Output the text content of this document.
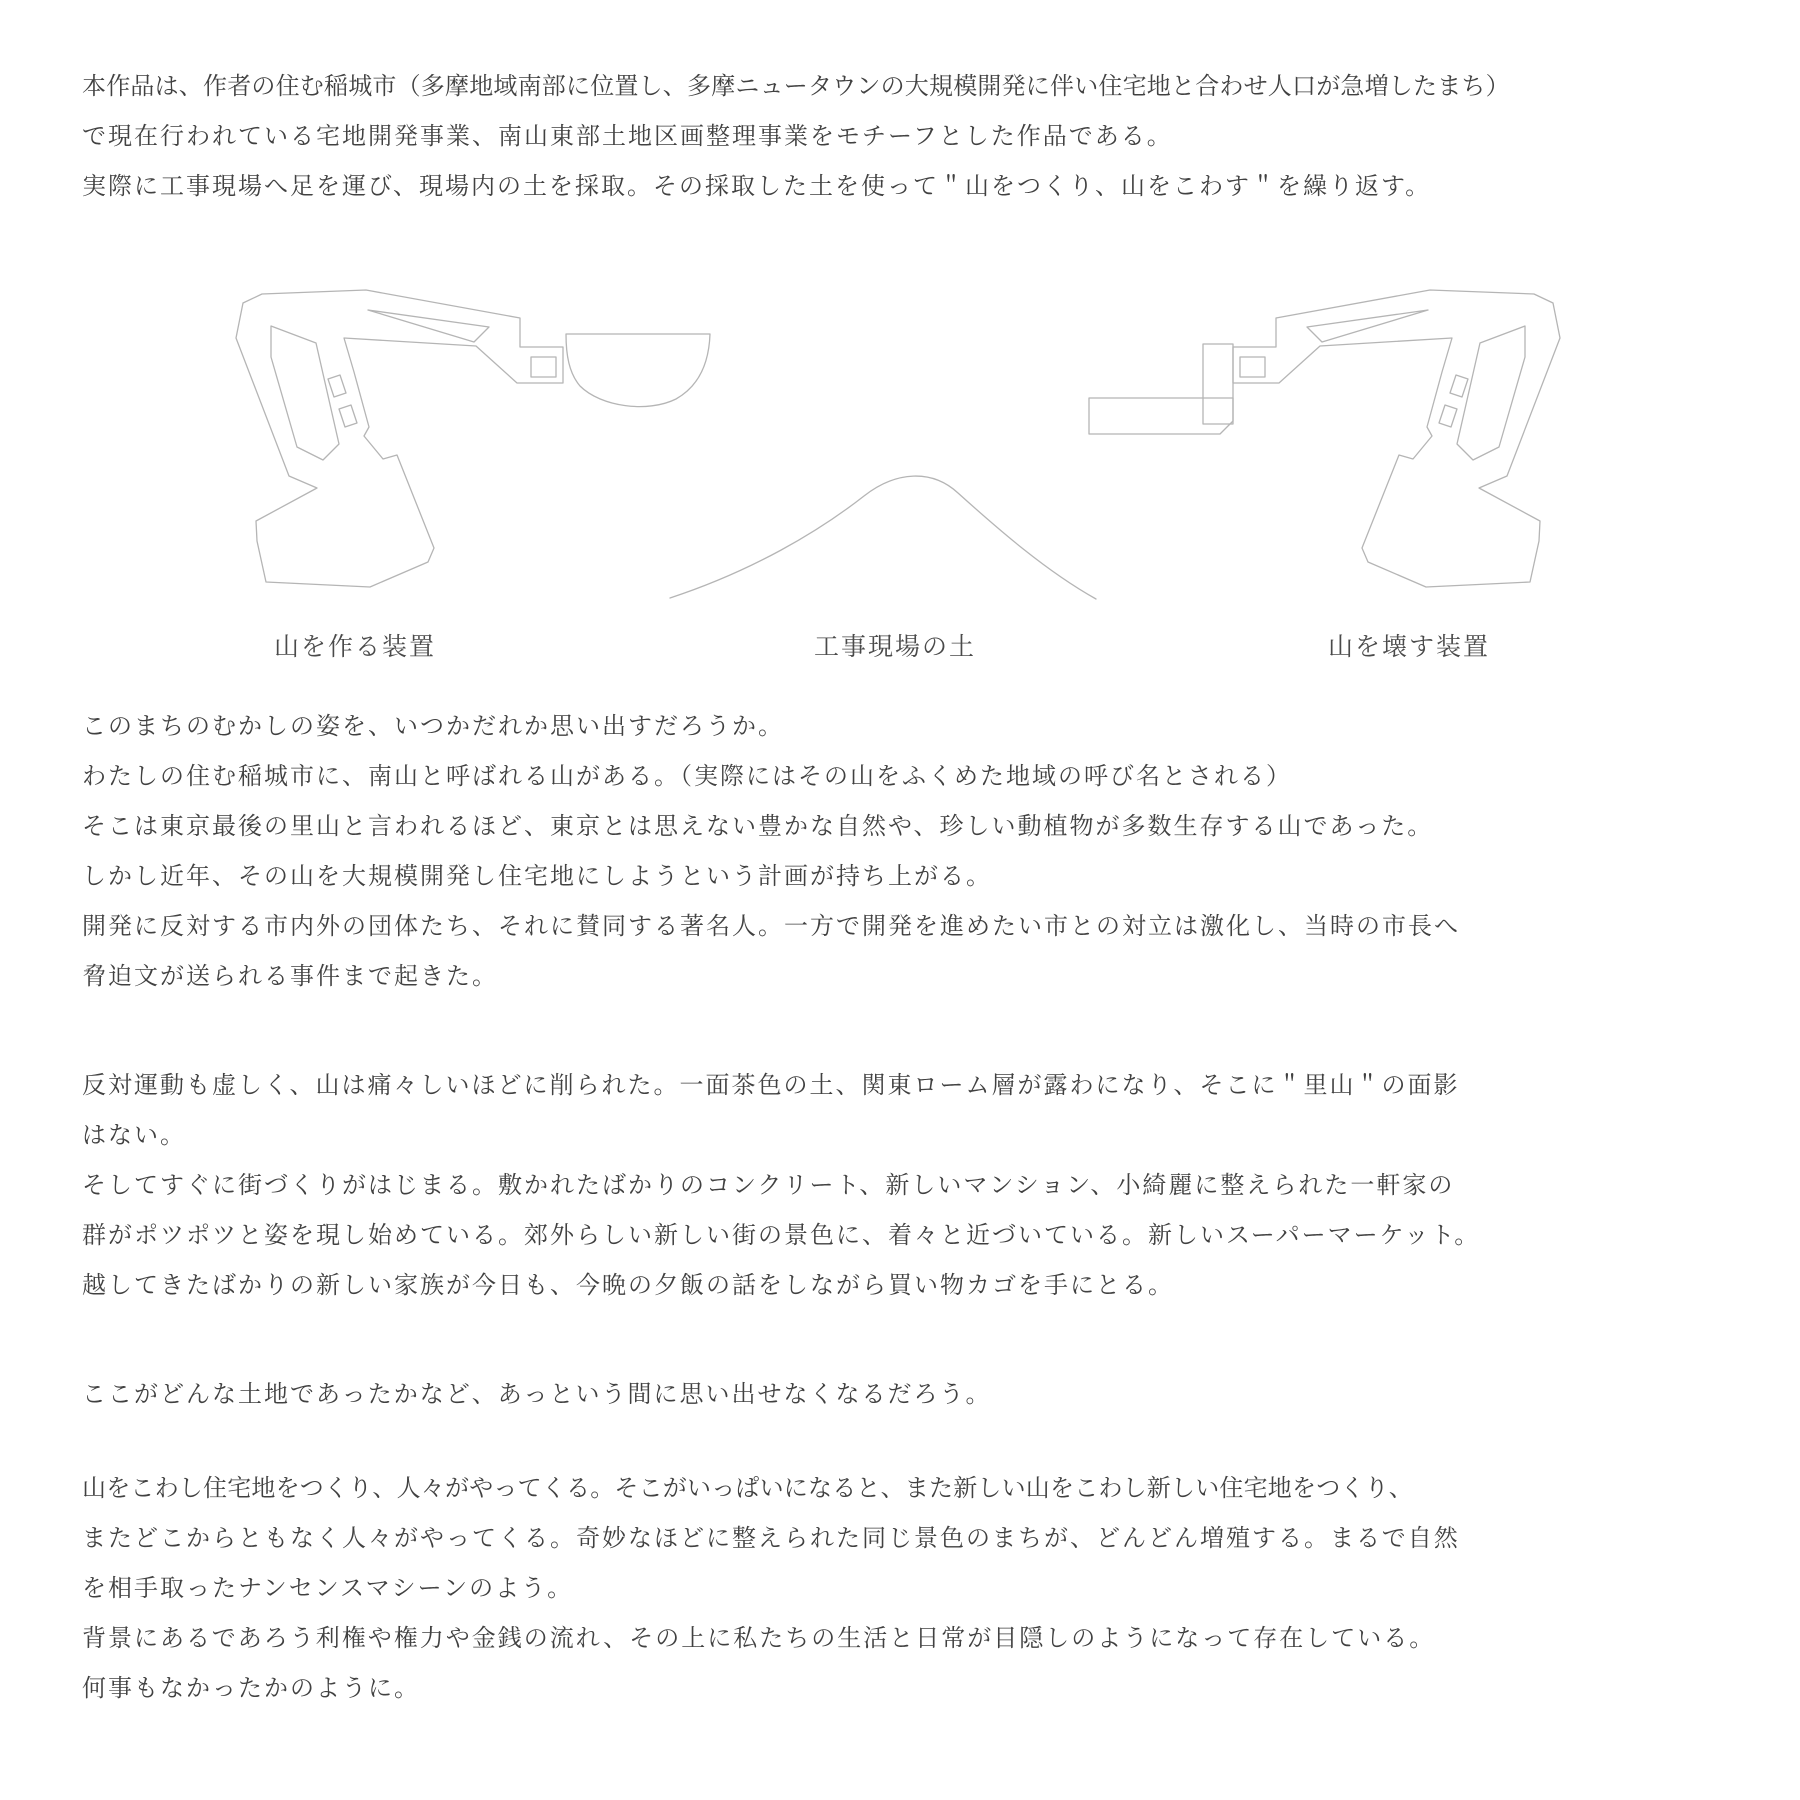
本作品は、作者の住む稲城市（多摩地域南部に位置し、多摩ニュータウンの大規模開発に伴い住宅地と合わせ人口が急増したまち）
で現在行われている宅地開発事業、南山東部土地区画整理事業をモチーフとした作品である。
実際に工事現場へ足を運び、現場内の土を採取。その採取した土を使って＂山をつくり、山をこわす＂を繰り返す。
山を作る装置	工事現場の土	山を壊す装置
このまちのむかしの姿を、いつかだれか思い出すだろうか。
わたしの住む稲城市に、南山と呼ばれる山がある。（実際にはその山をふくめた地域の呼び名とされる）
そこは東京最後の里山と言われるほど、東京とは思えない豊かな自然や、珍しい動植物が多数生存する山であった。
しかし近年、その山を大規模開発し住宅地にしようという計画が持ち上がる。
開発に反対する市内外の団体たち、それに賛同する著名人。一方で開発を進めたい市との対立は激化し、当時の市長へ
脅迫文が送られる事件まで起きた。
反対運動も虚しく、山は痛々しいほどに削られた。一面茶色の土、関東ローム層が露わになり、そこに＂里山＂の面影
はない。
そしてすぐに街づくりがはじまる。敷かれたばかりのコンクリート、新しいマンション、小綺麗に整えられた一軒家の
群がポツポツと姿を現し始めている。郊外らしい新しい街の景色に、着々と近づいている。新しいスーパーマーケット。
越してきたばかりの新しい家族が今日も、今晩の夕飯の話をしながら買い物カゴを手にとる。
ここがどんな土地であったかなど、あっという間に思い出せなくなるだろう。
山をこわし住宅地をつくり、人々がやってくる。そこがいっぱいになると、また新しい山をこわし新しい住宅地をつくり、
またどこからともなく人々がやってくる。奇妙なほどに整えられた同じ景色のまちが、どんどん増殖する。まるで自然
を相手取ったナンセンスマシーンのよう。
背景にあるであろう利権や権力や金銭の流れ、その上に私たちの生活と日常が目隠しのようになって存在している。
何事もなかったかのように。
